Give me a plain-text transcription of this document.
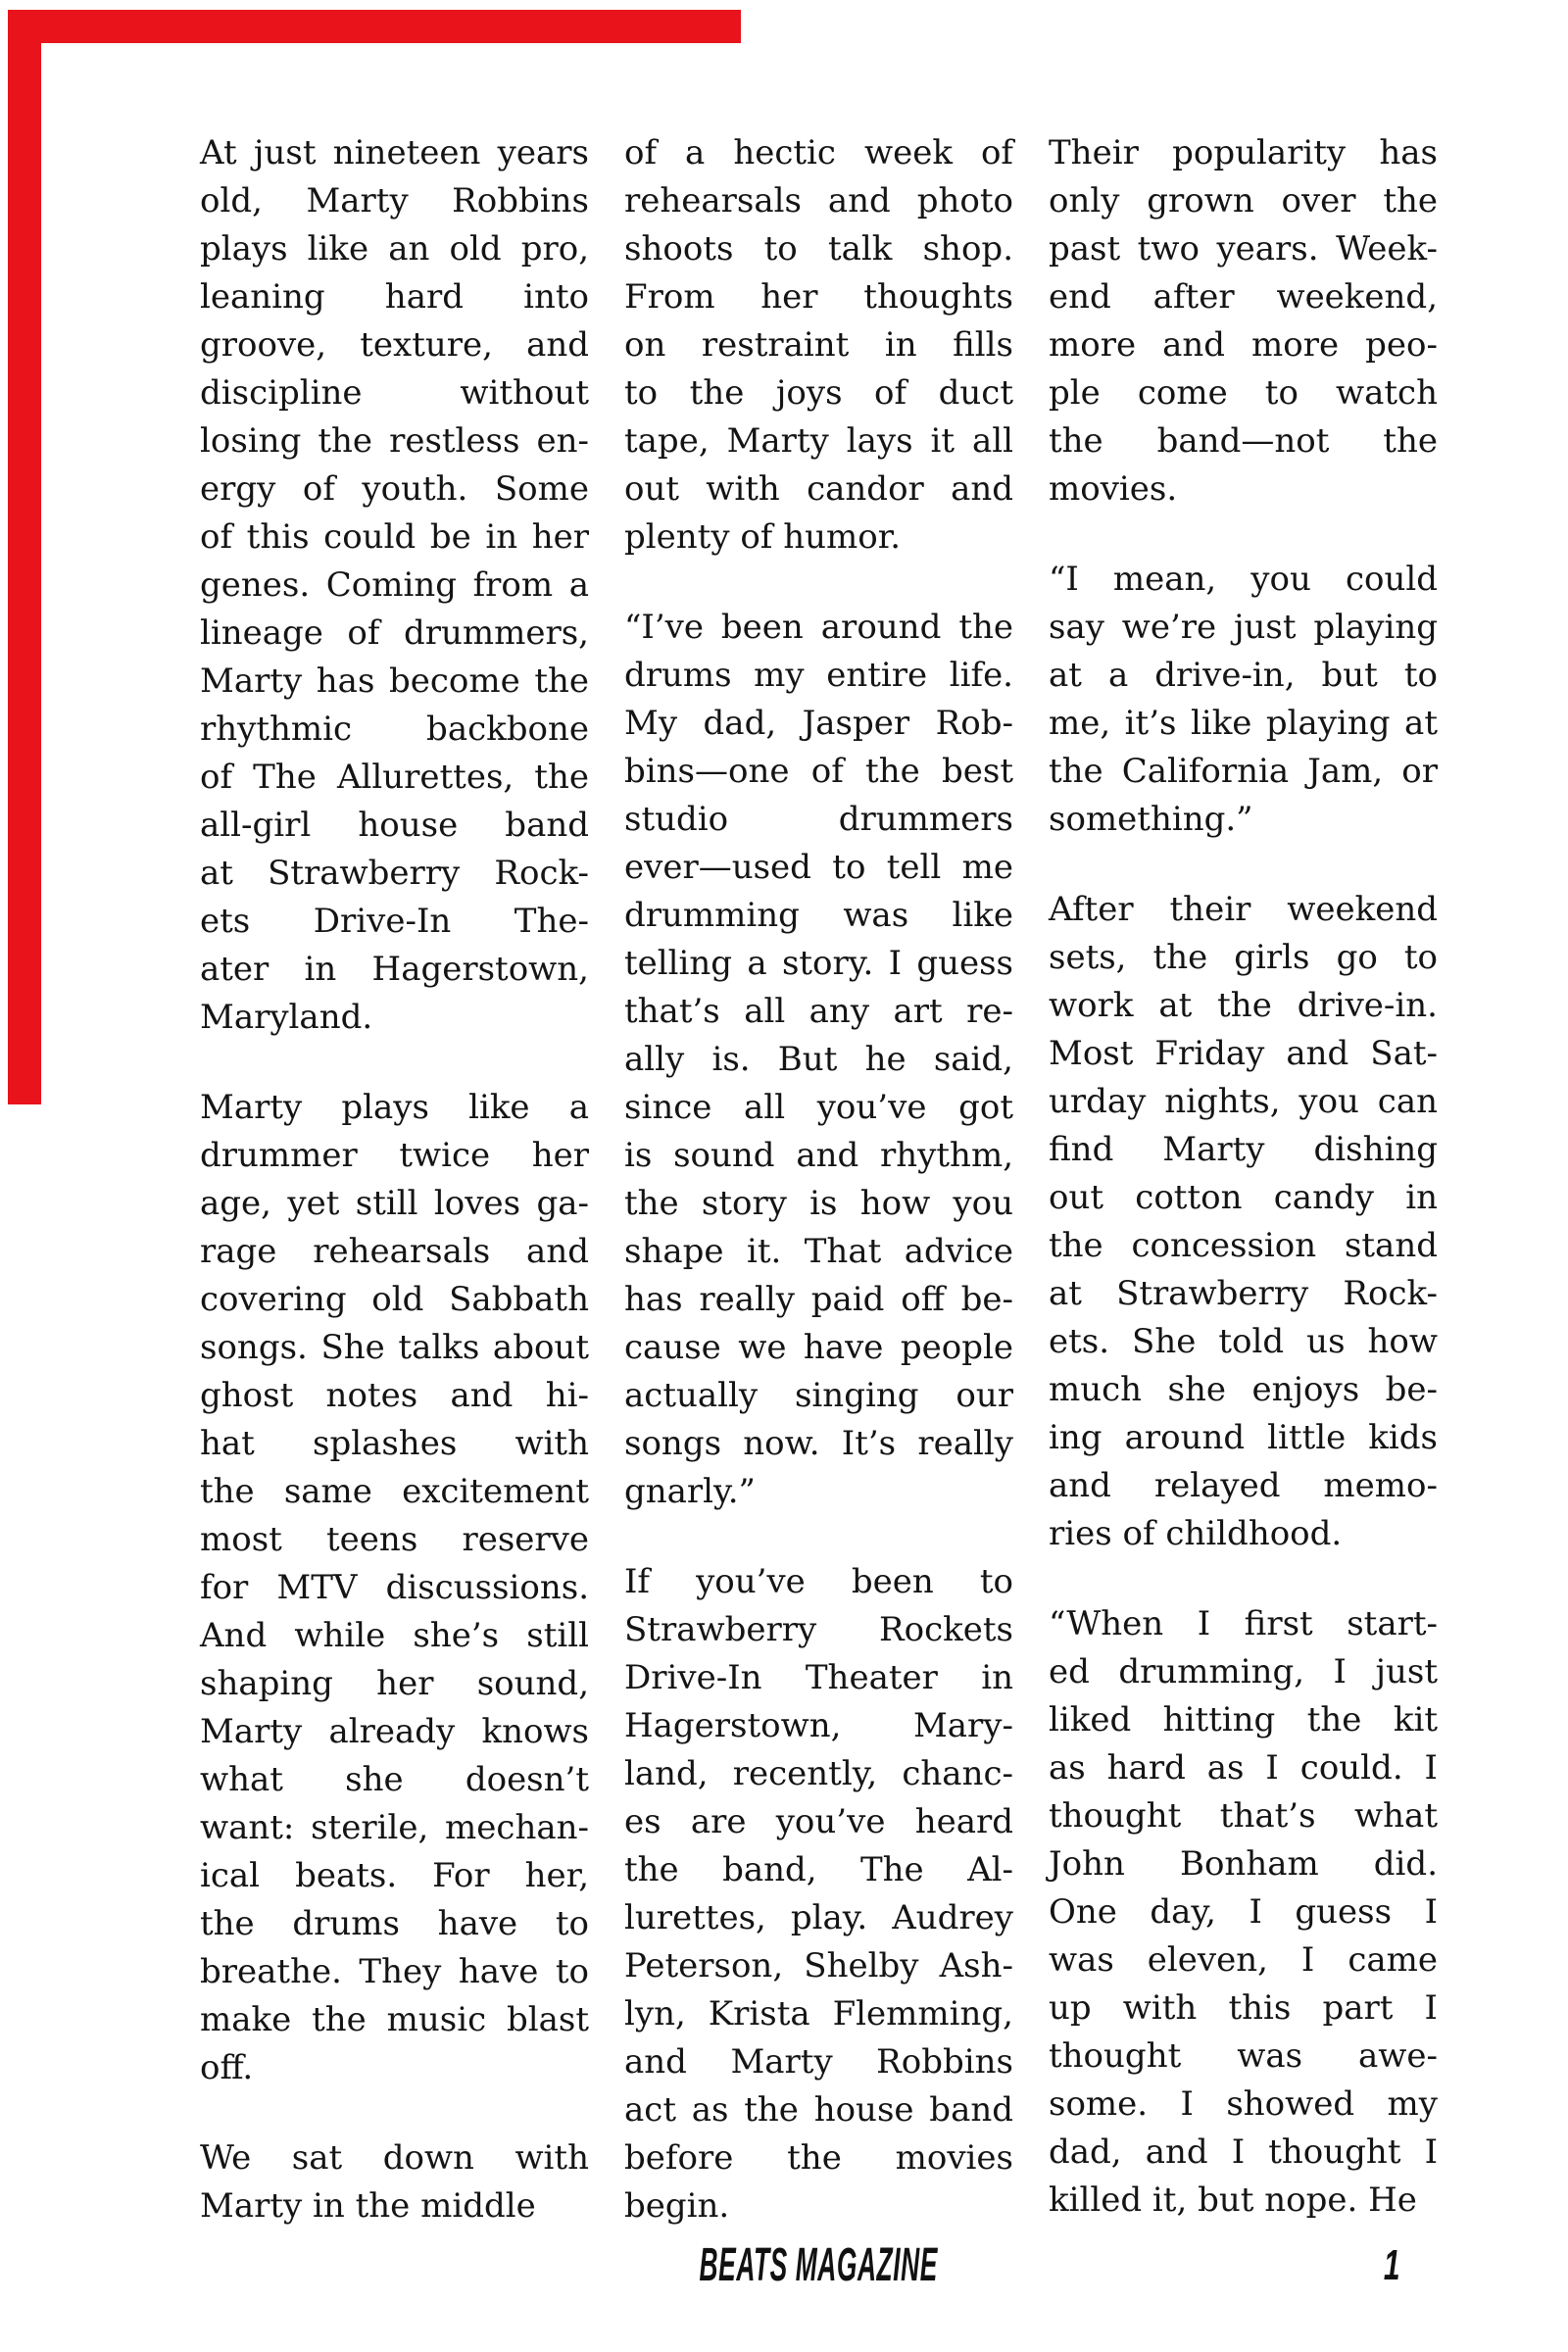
At just nineteen years
old, Marty Robbins
plays like an old pro,
leaning hard into
groove, texture, and
discipline without
losing the restless en-
ergy of youth. Some
of this could be in her
genes. Coming from a
lineage of drummers,
Marty has become the
rhythmic backbone
of The Allurettes, the
all-girl house band
at Strawberry Rock-
ets Drive-In The-
ater in Hagerstown,
Maryland.
Marty plays like a
drummer twice her
age, yet still loves ga-
rage rehearsals and
covering old Sabbath
songs. She talks about
ghost notes and hi-
hat splashes with
the same excitement
most teens reserve
for MTV discussions.
And while she’s still
shaping her sound,
Marty already knows
what she doesn’t
want: sterile, mechan-
ical beats. For her,
the drums have to
breathe. They have to
make the music blast
off.
We sat down with
Marty in the middle
of a hectic week of
rehearsals and photo
shoots to talk shop.
From her thoughts
on restraint in fills
to the joys of duct
tape, Marty lays it all
out with candor and
plenty of humor.
“I’ve been around the
drums my entire life.
My dad, Jasper Rob-
bins—one of the best
studio drummers
ever—used to tell me
drumming was like
telling a story. I guess
that’s all any art re-
ally is. But he said,
since all you’ve got
is sound and rhythm,
the story is how you
shape it. That advice
has really paid off be-
cause we have people
actually singing our
songs now. It’s really
gnarly.”
If you’ve been to
Strawberry Rockets
Drive-In Theater in
Hagerstown, Mary-
land, recently, chanc-
es are you’ve heard
the band, The Al-
lurettes, play. Audrey
Peterson, Shelby Ash-
lyn, Krista Flemming,
and Marty Robbins
act as the house band
before the movies
begin.
Their popularity has
only grown over the
past two years. Week-
end after weekend,
more and more peo-
ple come to watch
the band—not the
movies.
“I mean, you could
say we’re just playing
at a drive-in, but to
me, it’s like playing at
the California Jam, or
something.”
After their weekend
sets, the girls go to
work at the drive-in.
Most Friday and Sat-
urday nights, you can
find Marty dishing
out cotton candy in
the concession stand
at Strawberry Rock-
ets. She told us how
much she enjoys be-
ing around little kids
and relayed memo-
ries of childhood.
“When I first start-
ed drumming, I just
liked hitting the kit
as hard as I could. I
thought that’s what
John Bonham did.
One day, I guess I
was eleven, I came
up with this part I
thought was awe-
some. I showed my
dad, and I thought I
killed it, but nope. He
BEATS MAGAZINE	1
